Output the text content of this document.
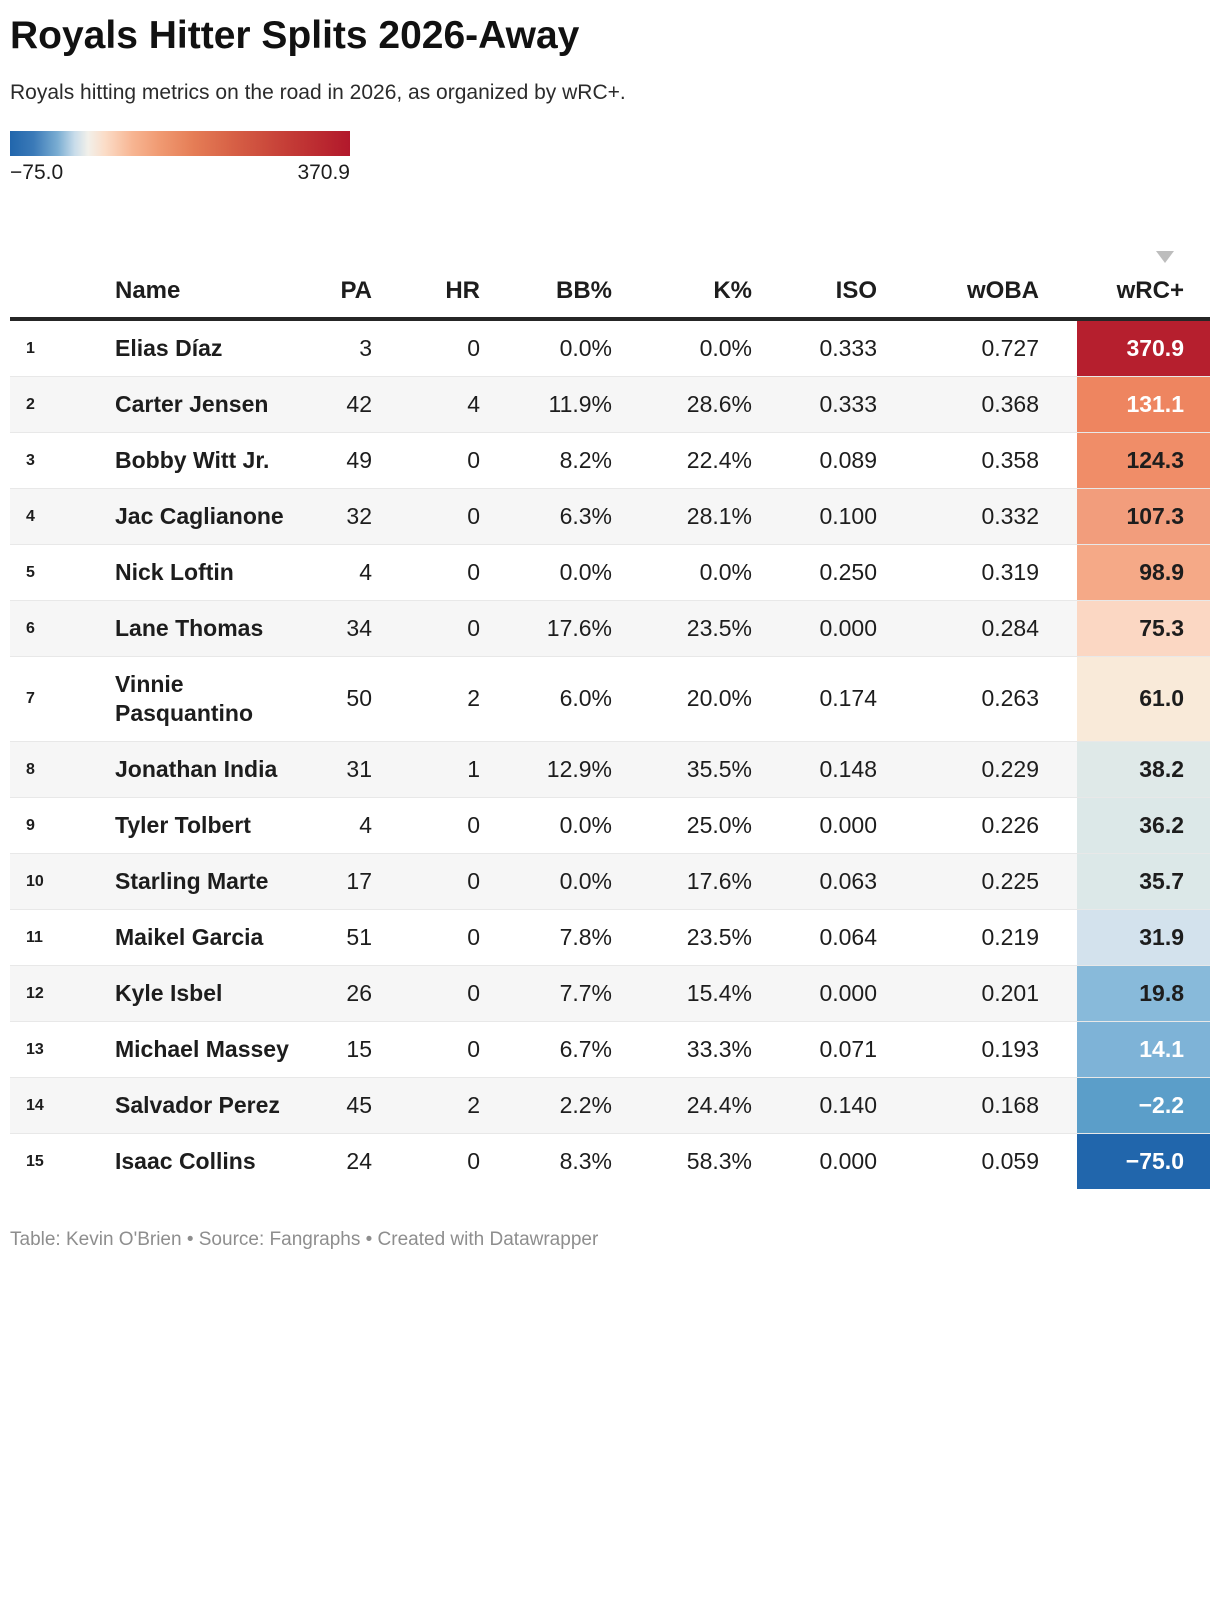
Royals Hitter Splits 2026-Away
Royals hitting metrics on the road in 2026, as organized by wRC+.
−75.0	370.9
	Name	PA	HR	BB%	K%	ISO	wOBA	wRC+
1	Elias Díaz	3	0	0.0%	0.0%	0.333	0.727	370.9
2	Carter Jensen	42	4	11.9%	28.6%	0.333	0.368	131.1
3	Bobby Witt Jr.	49	0	8.2%	22.4%	0.089	0.358	124.3
4	Jac Caglianone	32	0	6.3%	28.1%	0.100	0.332	107.3
5	Nick Loftin	4	0	0.0%	0.0%	0.250	0.319	98.9
6	Lane Thomas	34	0	17.6%	23.5%	0.000	0.284	75.3
7	Vinnie Pasquantino	50	2	6.0%	20.0%	0.174	0.263	61.0
8	Jonathan India	31	1	12.9%	35.5%	0.148	0.229	38.2
9	Tyler Tolbert	4	0	0.0%	25.0%	0.000	0.226	36.2
10	Starling Marte	17	0	0.0%	17.6%	0.063	0.225	35.7
11	Maikel Garcia	51	0	7.8%	23.5%	0.064	0.219	31.9
12	Kyle Isbel	26	0	7.7%	15.4%	0.000	0.201	19.8
13	Michael Massey	15	0	6.7%	33.3%	0.071	0.193	14.1
14	Salvador Perez	45	2	2.2%	24.4%	0.140	0.168	−2.2
15	Isaac Collins	24	0	8.3%	58.3%	0.000	0.059	−75.0
Table: Kevin O'Brien • Source: Fangraphs • Created with Datawrapper
